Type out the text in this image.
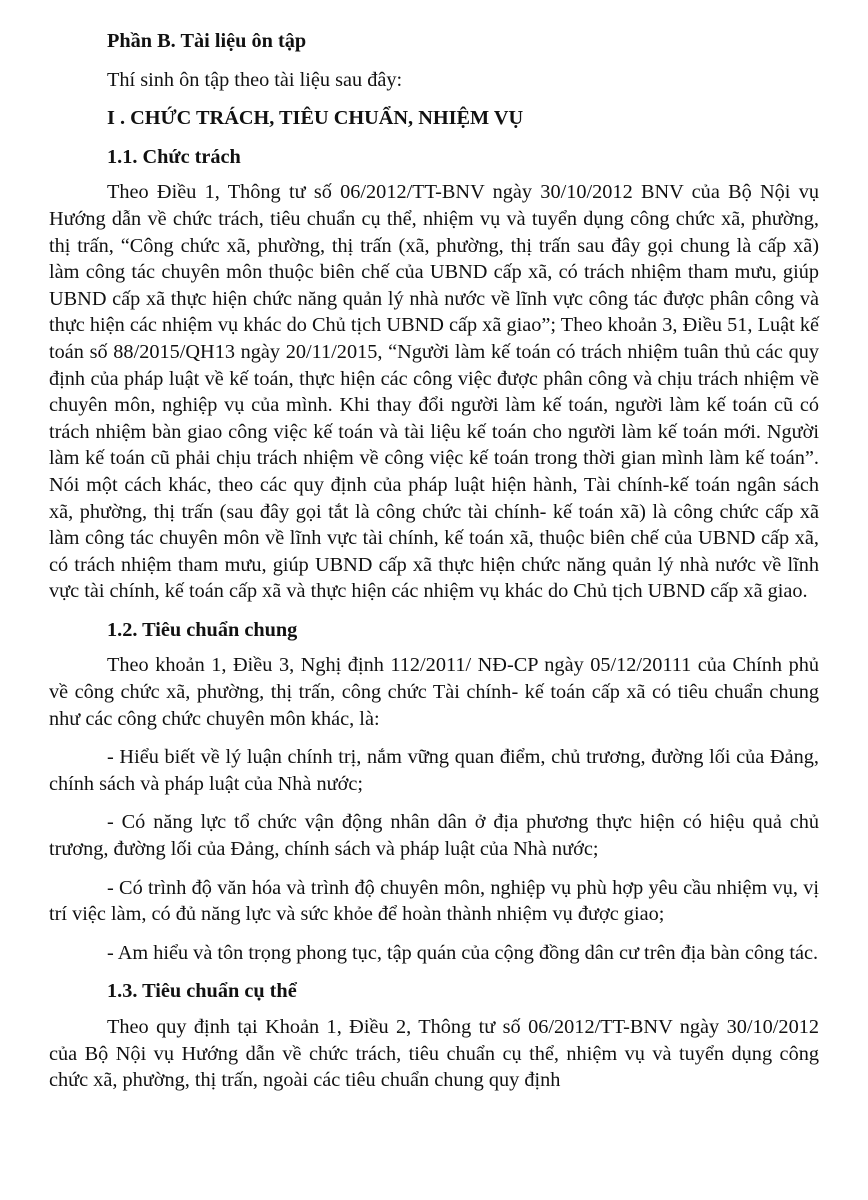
Phần B. Tài liệu ôn tập

Thí sinh ôn tập theo tài liệu sau đây:

I . CHỨC TRÁCH, TIÊU CHUẨN, NHIỆM VỤ

1.1. Chức trách

Theo Điều 1, Thông tư số 06/2012/TT-BNV ngày 30/10/2012 BNV của Bộ Nội vụ Hướng dẫn về chức trách, tiêu chuẩn cụ thể, nhiệm vụ và tuyển dụng công chức xã, phường, thị trấn, “Công chức xã, phường, thị trấn (xã, phường, thị trấn sau đây gọi chung là cấp xã) làm công tác chuyên môn thuộc biên chế của UBND cấp xã, có trách nhiệm tham mưu, giúp UBND cấp xã thực hiện chức năng quản lý nhà nước về lĩnh vực công tác được phân công và thực hiện các nhiệm vụ khác do Chủ tịch UBND cấp xã giao”; Theo khoản 3, Điều 51, Luật kế toán số 88/2015/QH13 ngày 20/11/2015, “Người làm kế toán có trách nhiệm tuân thủ các quy định của pháp luật về kế toán, thực hiện các công việc được phân công và chịu trách nhiệm về chuyên môn, nghiệp vụ của mình. Khi thay đổi người làm kế toán, người làm kế toán cũ có trách nhiệm bàn giao công việc kế toán và tài liệu kế toán cho người làm kế toán mới. Người làm kế toán cũ phải chịu trách nhiệm về công việc kế toán trong thời gian mình làm kế toán”. Nói một cách khác, theo các quy định của pháp luật hiện hành, Tài chính-kế toán ngân sách xã, phường, thị trấn (sau đây gọi tắt là công chức tài chính- kế toán xã) là công chức cấp xã làm công tác chuyên môn về lĩnh vực tài chính, kế toán xã, thuộc biên chế của UBND cấp xã, có trách nhiệm tham mưu, giúp UBND cấp xã thực hiện chức năng quản lý nhà nước về lĩnh vực tài chính, kế toán cấp xã và thực hiện các nhiệm vụ khác do Chủ tịch UBND cấp xã giao.

1.2. Tiêu chuẩn chung

Theo khoản 1, Điều 3, Nghị định 112/2011/ NĐ-CP ngày 05/12/20111 của Chính phủ về công chức xã, phường, thị trấn, công chức Tài chính- kế toán cấp xã có tiêu chuẩn chung như các công chức chuyên môn khác, là:

- Hiểu biết về lý luận chính trị, nắm vững quan điểm, chủ trương, đường lối của Đảng, chính sách và pháp luật của Nhà nước;

- Có năng lực tổ chức vận động nhân dân ở địa phương thực hiện có hiệu quả chủ trương, đường lối của Đảng, chính sách và pháp luật của Nhà nước;

- Có trình độ văn hóa và trình độ chuyên môn, nghiệp vụ phù hợp yêu cầu nhiệm vụ, vị trí việc làm, có đủ năng lực và sức khỏe để hoàn thành nhiệm vụ được giao;

- Am hiểu và tôn trọng phong tục, tập quán của cộng đồng dân cư trên địa bàn công tác.

1.3. Tiêu chuẩn cụ thể

Theo quy định tại Khoản 1, Điều 2, Thông tư số 06/2012/TT-BNV ngày 30/10/2012 của Bộ Nội vụ Hướng dẫn về chức trách, tiêu chuẩn cụ thể, nhiệm vụ và tuyển dụng công chức xã, phường, thị trấn, ngoài các tiêu chuẩn chung quy định
